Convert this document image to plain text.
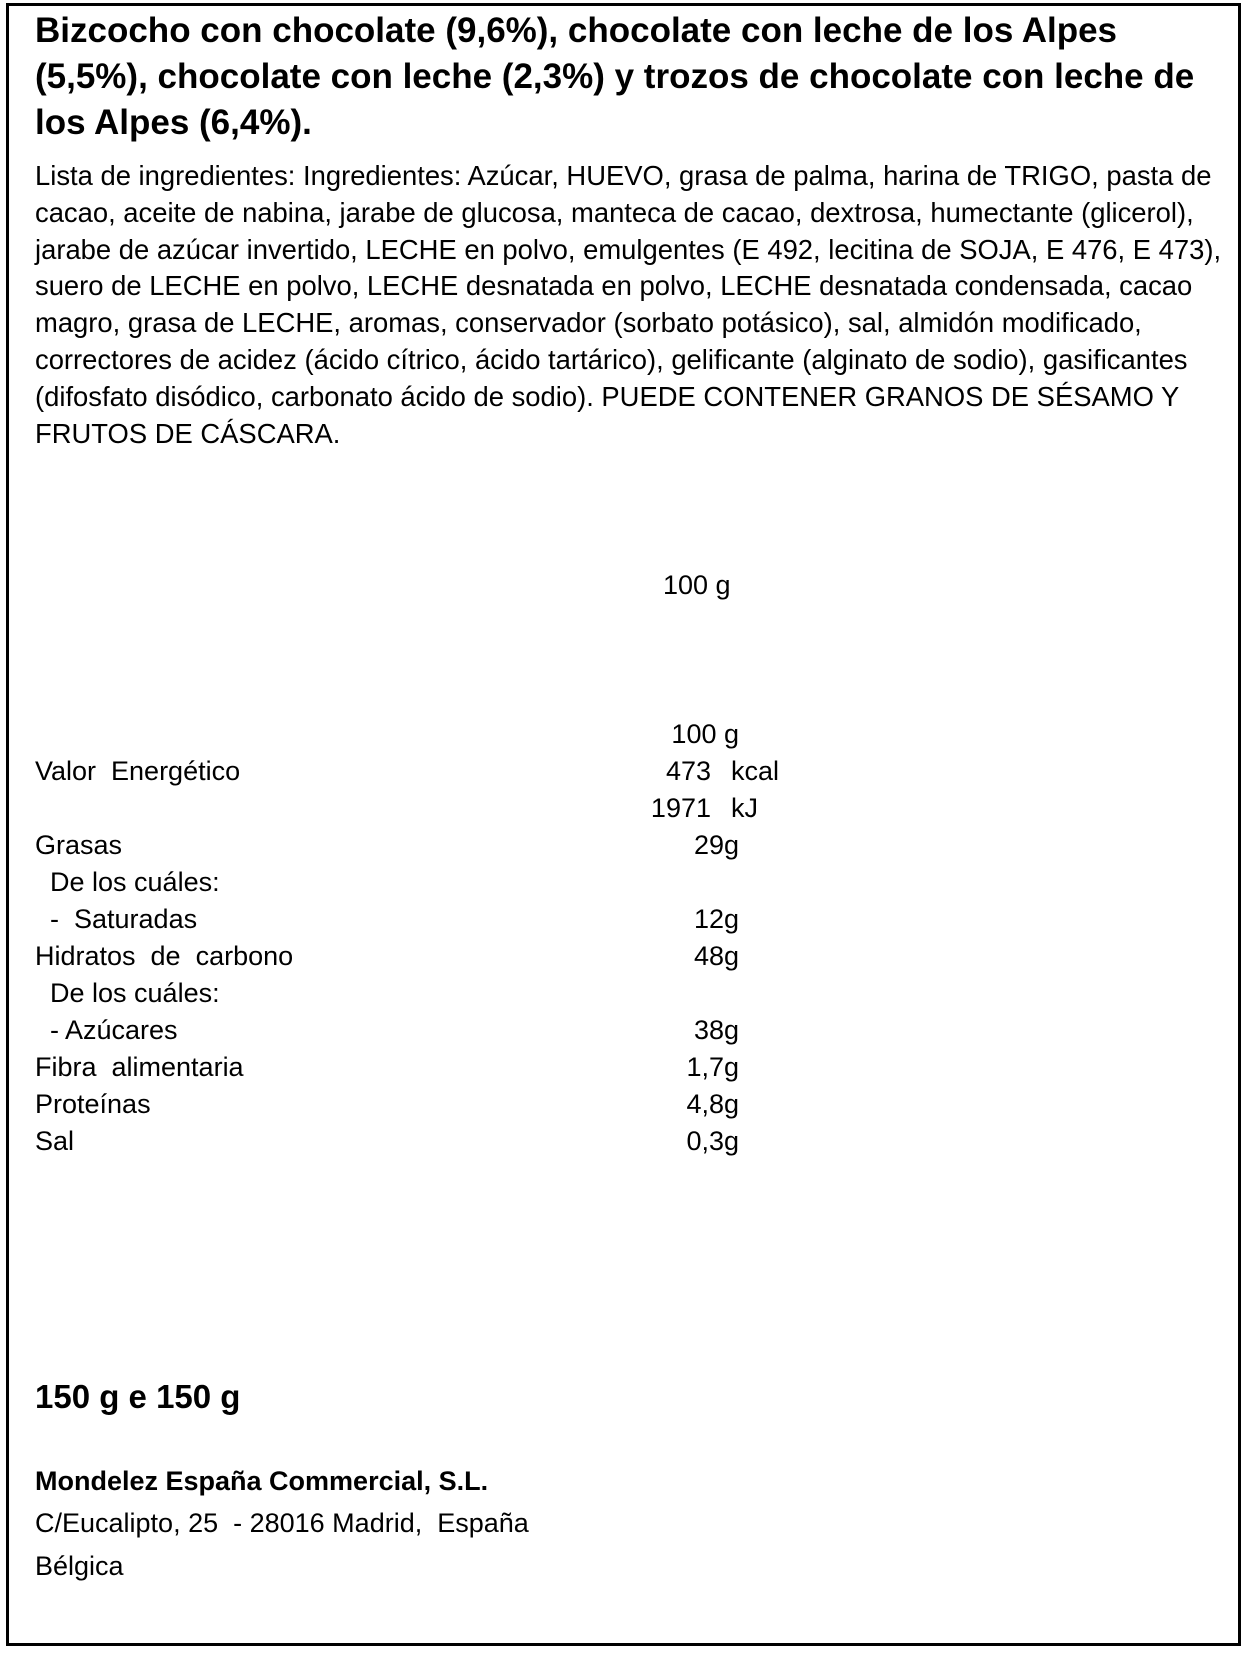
Bizcocho con chocolate (9,6%), chocolate con leche de los Alpes (5,5%), chocolate con leche (2,3%) y trozos de chocolate con leche de los Alpes (6,4%).

Lista de ingredientes: Ingredientes: Azúcar, HUEVO, grasa de palma, harina de TRIGO, pasta de cacao, aceite de nabina, jarabe de glucosa, manteca de cacao, dextrosa, humectante (glicerol), jarabe de azúcar invertido, LECHE en polvo, emulgentes (E 492, lecitina de SOJA, E 476, E 473), suero de LECHE en polvo, LECHE desnatada en polvo, LECHE desnatada condensada, cacao magro, grasa de LECHE, aromas, conservador (sorbato potásico), sal, almidón modificado, correctores de acidez (ácido cítrico, ácido tartárico), gelificante (alginato de sodio), gasificantes (difosfato disódico, carbonato ácido de sodio). PUEDE CONTENER GRANOS DE SÉSAMO Y FRUTOS DE CÁSCARA.

100 g
100 g
Valor  Energético	473 kcal
1971 kJ
Grasas	29g
De los cuáles:
-  Saturadas	12g
Hidratos  de  carbono	48g
De los cuáles:
- Azúcares	38g
Fibra  alimentaria	1,7g
Proteínas	4,8g
Sal	0,3g
150 g e 150 g
Mondelez España Commercial, S.L.
C/Eucalipto, 25  - 28016 Madrid,  España
Bélgica
